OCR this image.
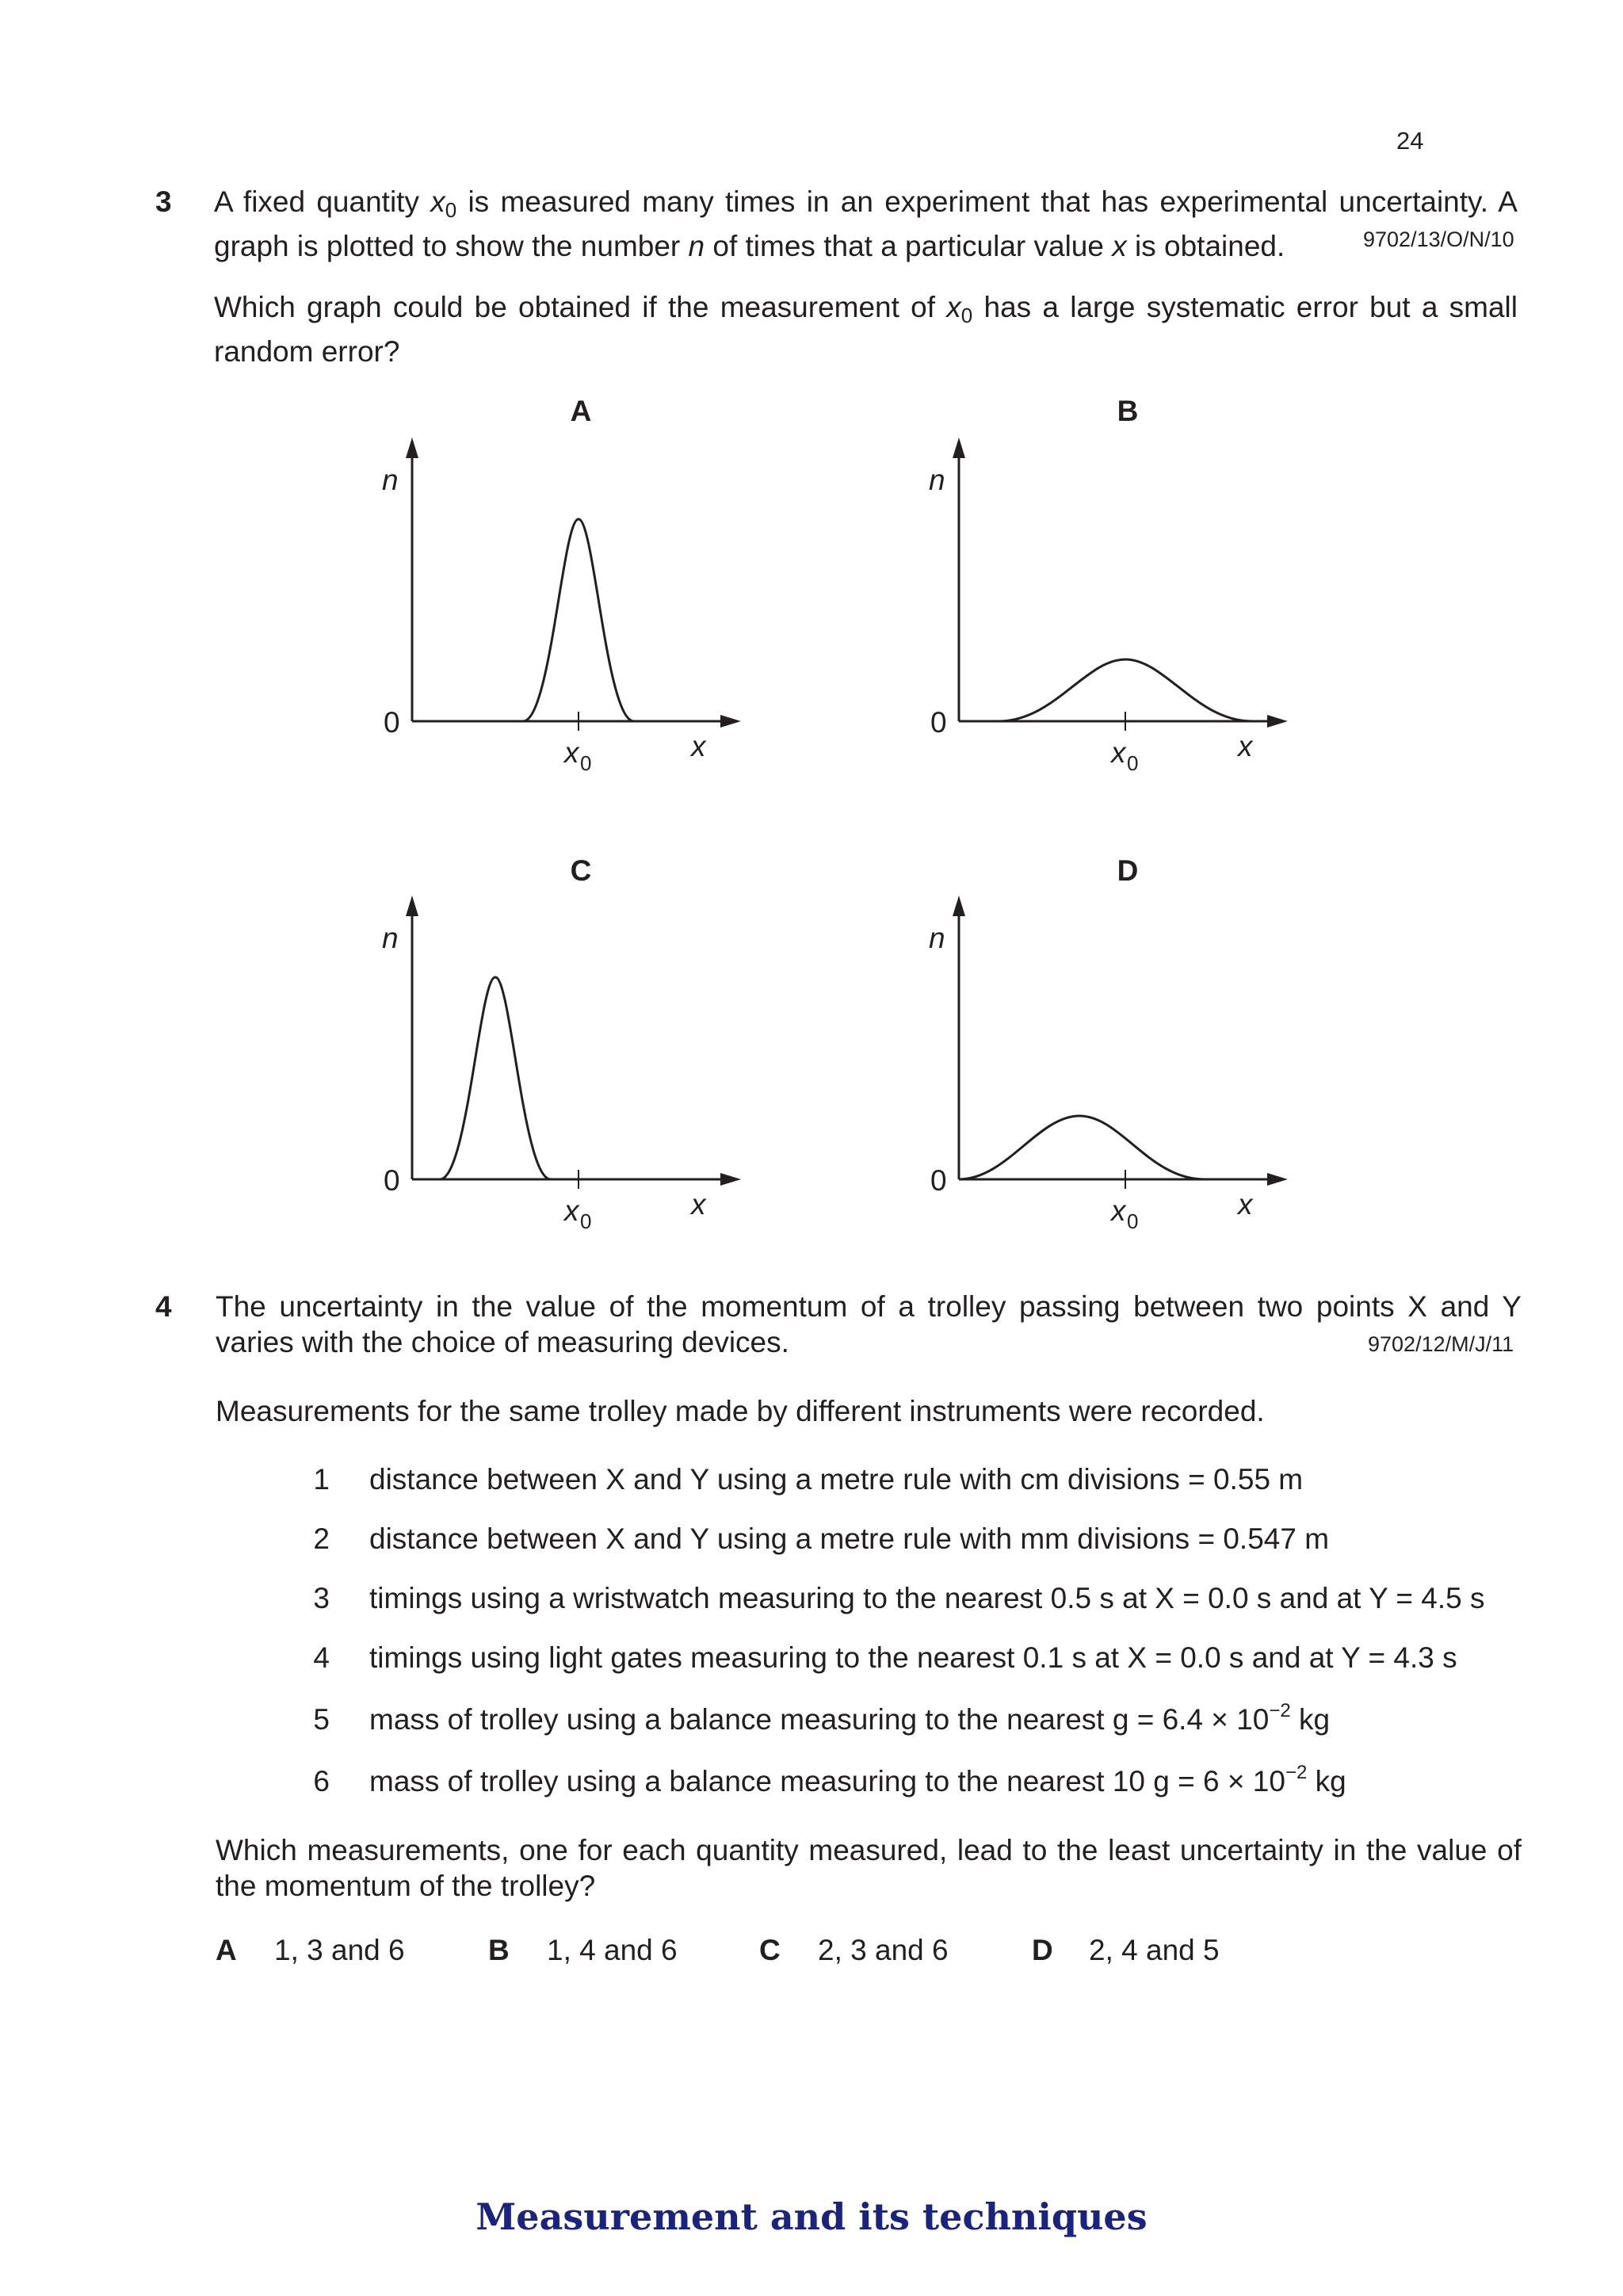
24
3 A fixed quantity x0 is measured many times in an experiment that has experimental uncertainty. A graph is plotted to show the number n of times that a particular value x is obtained.	9702/13/O/N/10
Which graph could be obtained if the measurement of x0 has a large systematic error but a small random error?
A	B
C	D
n
0
x 0
x
n
0
x 0
x
n
0
x 0
x
n
0
x 0
x
4 The uncertainty in the value of the momentum of a trolley passing between two points X and Y varies with the choice of measuring devices.	9702/12/M/J/11
Measurements for the same trolley made by different instruments were recorded.
1 distance between X and Y using a metre rule with cm divisions = 0.55 m
2 distance between X and Y using a metre rule with mm divisions = 0.547 m
3 timings using a wristwatch measuring to the nearest 0.5 s at X = 0.0 s and at Y = 4.5 s
4 timings using light gates measuring to the nearest 0.1 s at X = 0.0 s and at Y = 4.3 s
5 mass of trolley using a balance measuring to the nearest $g = 6.4 \times 10^{-2}$ kg
6 mass of trolley using a balance measuring to the nearest 10 $g = 6 \times 10^{-2}$ kg
Which measurements, one for each quantity measured, lead to the least uncertainty in the value of the momentum of the trolley?
A 1, 3 and 6	B 1, 4 and 6	C 2, 3 and 6	D 2, 4 and 5
Measurement and its techniques
